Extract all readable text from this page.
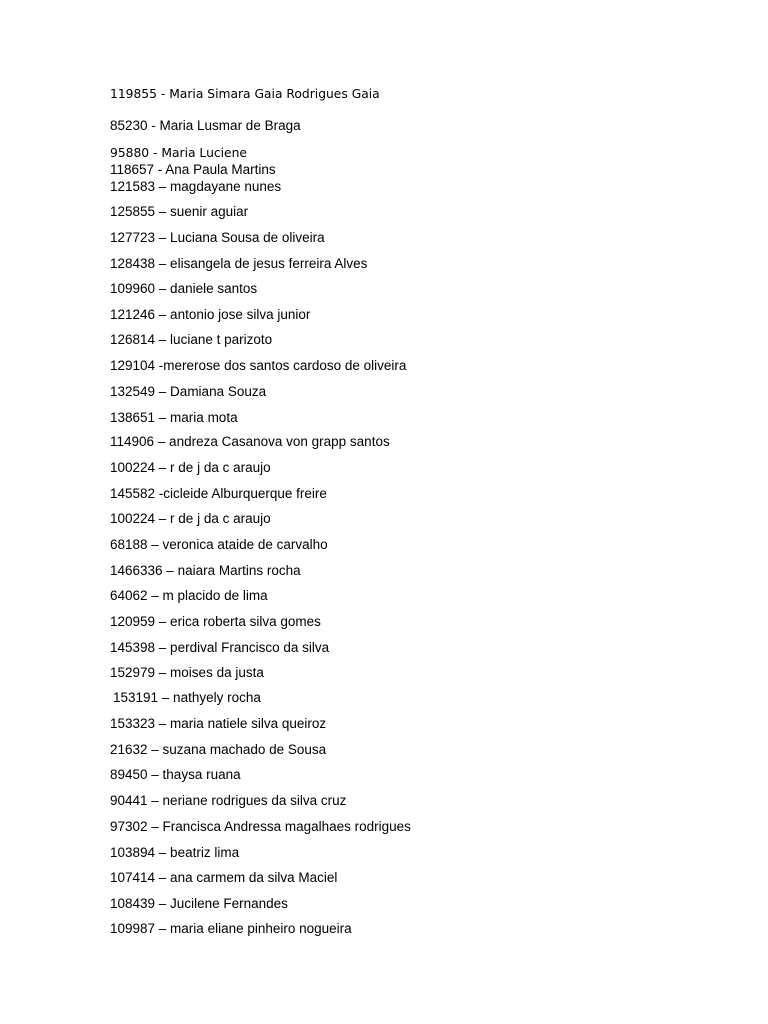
119855 - Maria Simara Gaia Rodrigues Gaia
85230 - Maria Lusmar de Braga
95880 - Maria Luciene
118657 - Ana Paula Martins
121583 – magdayane nunes
125855 – suenir aguiar
127723 – Luciana Sousa de oliveira
128438 – elisangela de jesus ferreira Alves
109960 – daniele santos
121246 – antonio jose silva junior
126814 – luciane t parizoto
129104 -mererose dos santos cardoso de oliveira
132549 – Damiana Souza
138651 – maria mota
114906 – andreza Casanova von grapp santos
100224 – r de j da c araujo
145582 -cicleide Alburquerque freire
100224 – r de j da c araujo
68188 – veronica ataide de carvalho
1466336 – naiara Martins rocha
64062 – m placido de lima
120959 – erica roberta silva gomes
145398 – perdival Francisco da silva
152979 – moises da justa
153191 – nathyely rocha
153323 – maria natiele silva queiroz
21632 – suzana machado de Sousa
89450 – thaysa ruana
90441 – neriane rodrigues da silva cruz
97302 – Francisca Andressa magalhaes rodrigues
103894 – beatriz lima
107414 – ana carmem da silva Maciel
108439 – Jucilene Fernandes
109987 – maria eliane pinheiro nogueira
